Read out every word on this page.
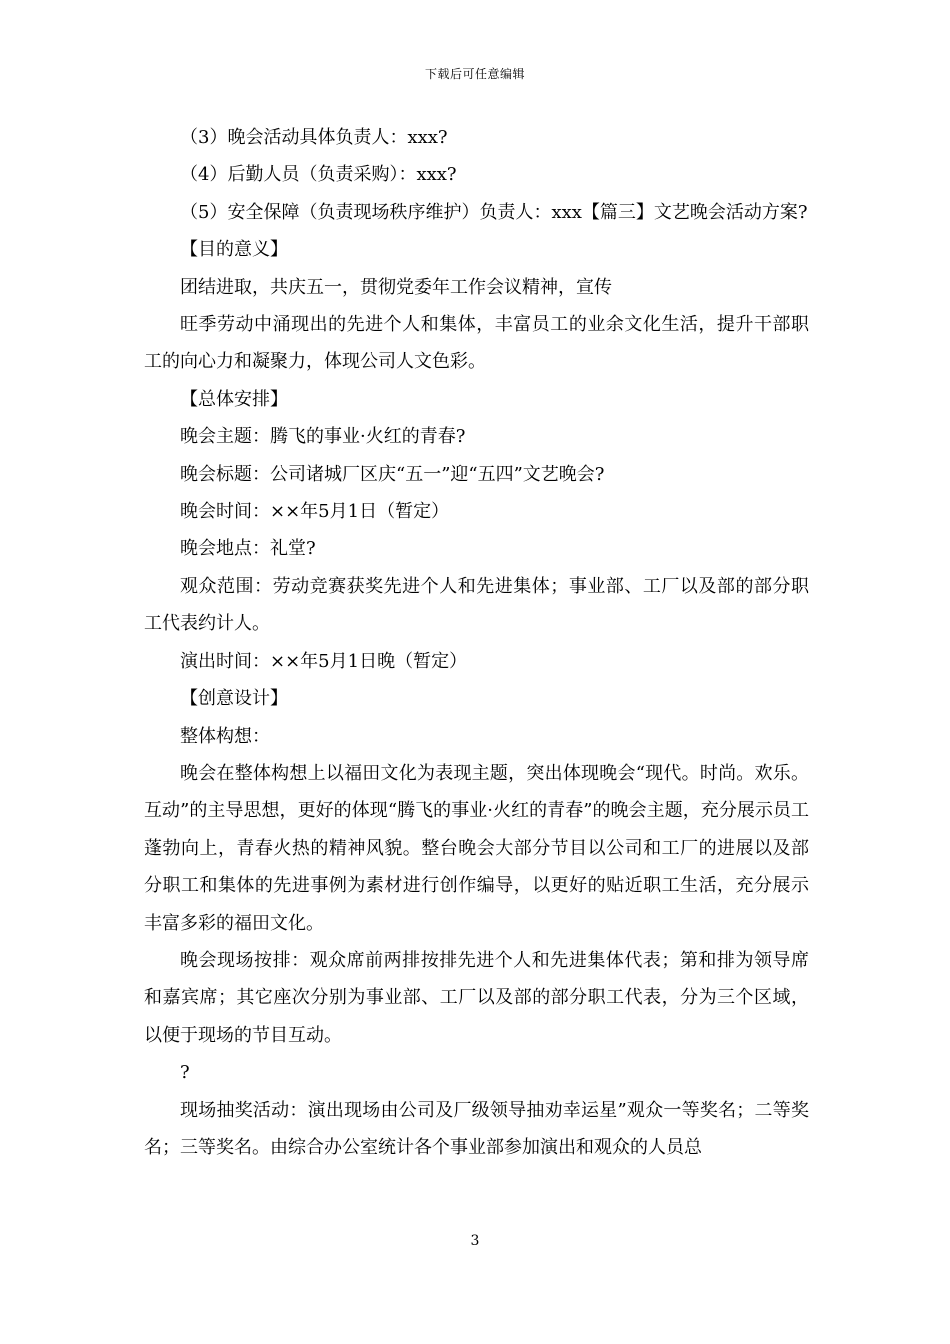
下载后可任意编辑

（3）晚会活动具体负责人：xxx?

（4）后勤人员（负责采购）：xxx?

（5）安全保障（负责现场秩序维护）负责人：xxx【篇三】文艺晚会活动方案?

【目的意义】

团结进取，共庆五一，贯彻党委年工作会议精神，宣传

旺季劳动中涌现出的先进个人和集体，丰富员工的业余文化生活，提升干部职工的向心力和凝聚力，体现公司人文色彩。

【总体安排】

晚会主题：腾飞的事业·火红的青春?

晚会标题：公司诸城厂区庆“五一”迎“五四”文艺晚会?

晚会时间：××年5月1日（暂定）

晚会地点：礼堂?

观众范围：劳动竞赛获奖先进个人和先进集体；事业部、工厂以及部的部分职工代表约计人。

演出时间：××年5月1日晚（暂定）

【创意设计】

整体构想：

晚会在整体构想上以福田文化为表现主题，突出体现晚会“现代。时尚。欢乐。互动”的主导思想，更好的体现“腾飞的事业·火红的青春”的晚会主题，充分展示员工蓬勃向上，青春火热的精神风貌。整台晚会大部分节目以公司和工厂的进展以及部分职工和集体的先进事例为素材进行创作编导，以更好的贴近职工生活，充分展示丰富多彩的福田文化。

晚会现场按排：观众席前两排按排先进个人和先进集体代表；第和排为领导席和嘉宾席；其它座次分别为事业部、工厂以及部的部分职工代表，分为三个区域，以便于现场的节目互动。

?

现场抽奖活动：演出现场由公司及厂级领导抽劝幸运星”观众一等奖名；二等奖名；三等奖名。由综合办公室统计各个事业部参加演出和观众的人员总

3
